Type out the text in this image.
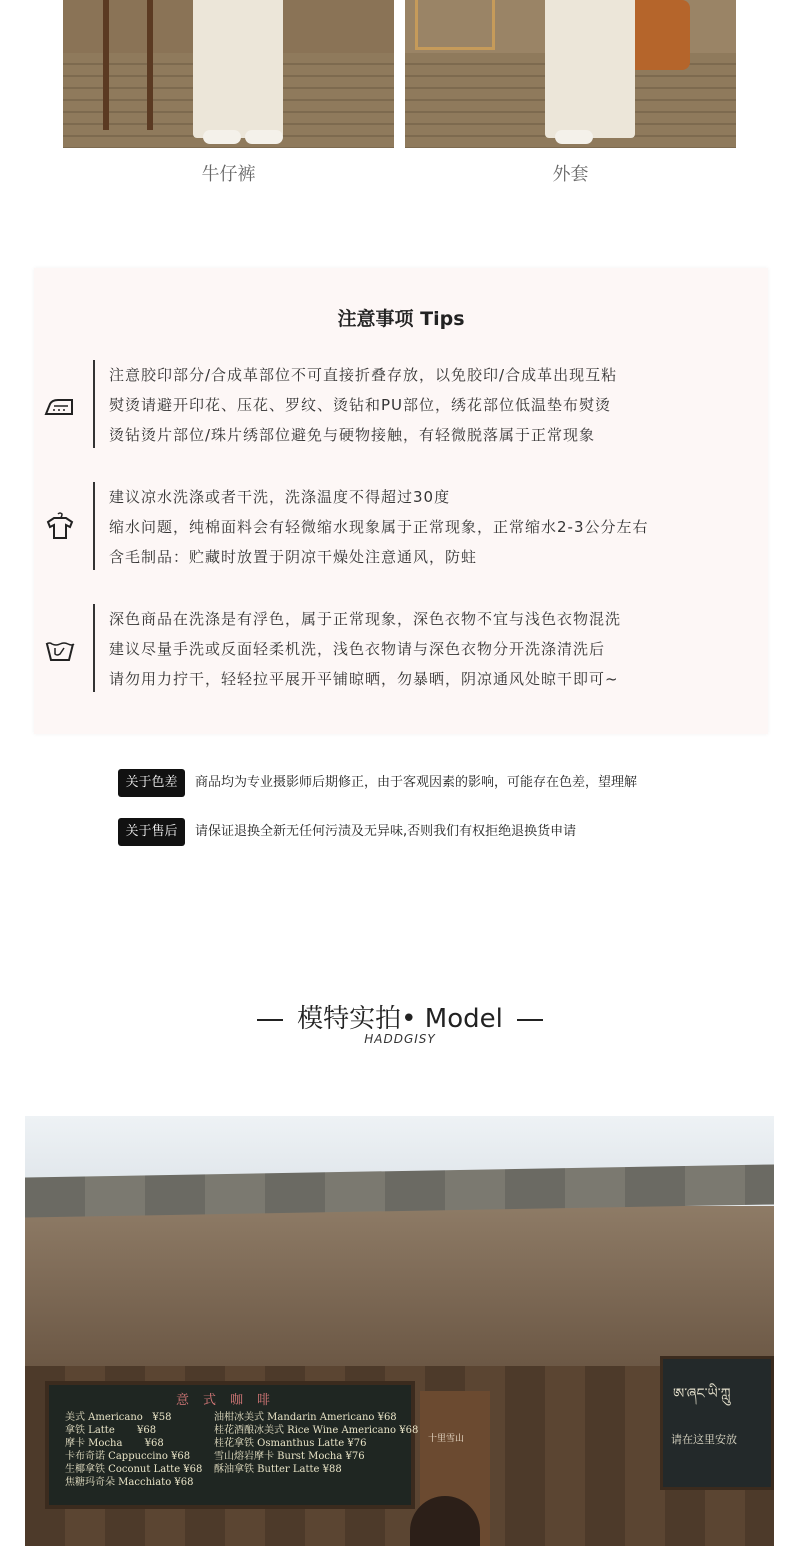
牛仔裤	外套
注意事项 Tips
注意胶印部分/合成革部位不可直接折叠存放，以免胶印/合成革出现互粘
熨烫请避开印花、压花、罗纹、烫钻和PU部位，绣花部位低温垫布熨烫
烫钻烫片部位/珠片绣部位避免与硬物接触，有轻微脱落属于正常现象
建议凉水洗涤或者干洗，洗涤温度不得超过30度
缩水问题，纯棉面料会有轻微缩水现象属于正常现象，正常缩水2-3公分左右
含毛制品：贮藏时放置于阴凉干燥处注意通风，防蛀
深色商品在洗涤是有浮色，属于正常现象，深色衣物不宜与浅色衣物混洗
建议尽量手洗或反面轻柔机洗，浅色衣物请与深色衣物分开洗涤清洗后
请勿用力拧干，轻轻拉平展开平铺晾晒，勿暴晒，阴凉通风处晾干即可~
关于色差	商品均为专业摄影师后期修正，由于客观因素的影响，可能存在色差，望理解
关于售后	请保证退换全新无任何污渍及无异味,否则我们有权拒绝退换货申请
模特实拍• Model
HADDGISY
意式咖啡
美式 Americano   ¥58
拿铁 Latte       ¥68
摩卡 Mocha       ¥68
卡布奇诺 Cappuccino ¥68
生椰拿铁 Coconut Latte ¥68
焦糖玛奇朵 Macchiato ¥68
油柑冰美式 Mandarin Americano ¥68
桂花酒酿冰美式 Rice Wine Americano ¥68
桂花拿铁 Osmanthus Latte ¥76
雪山熔岩摩卡 Burst Mocha ¥76
酥油拿铁 Butter Latte ¥88
十里雪山
ཨ་ཞང་ཡི་ཀླུ
请在这里安放
